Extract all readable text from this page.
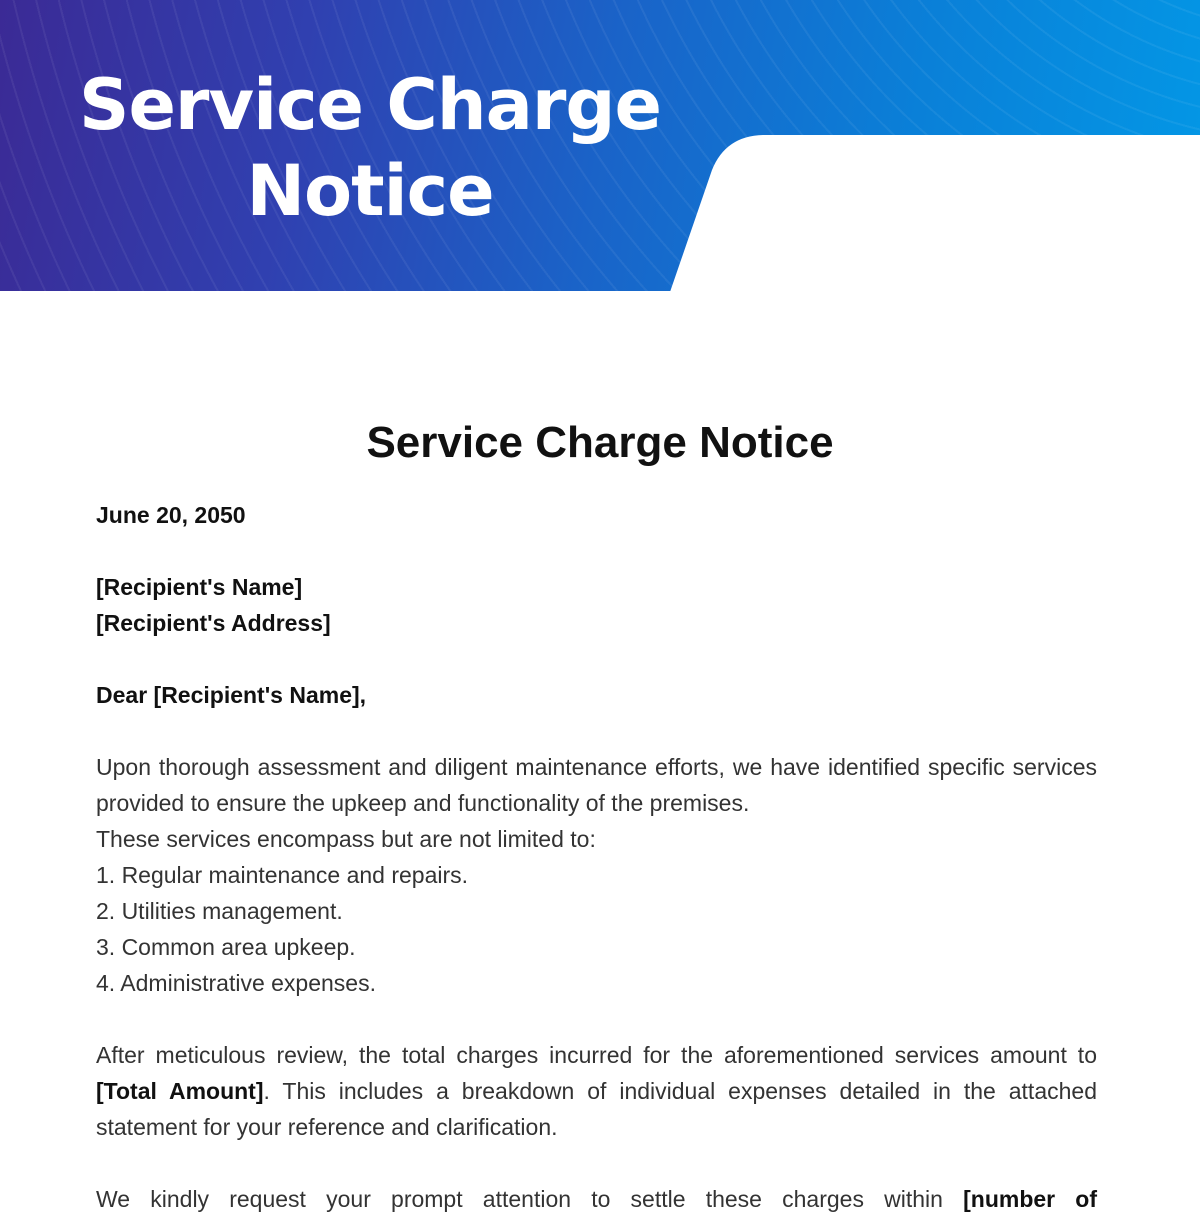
Service Charge Notice
Service Charge Notice

June 20, 2050

[Recipient's Name]

[Recipient's Address]

Dear [Recipient's Name],

Upon thorough assessment and diligent maintenance efforts, we have identified specific services provided to ensure the upkeep and functionality of the premises.

These services encompass but are not limited to:

1. Regular maintenance and repairs.

2. Utilities management.

3. Common area upkeep.

4. Administrative expenses.

After meticulous review, the total charges incurred for the aforementioned services amount to [Total Amount]. This includes a breakdown of individual expenses detailed in the attached statement for your reference and clarification.

We kindly request your prompt attention to settle these charges within [number of
